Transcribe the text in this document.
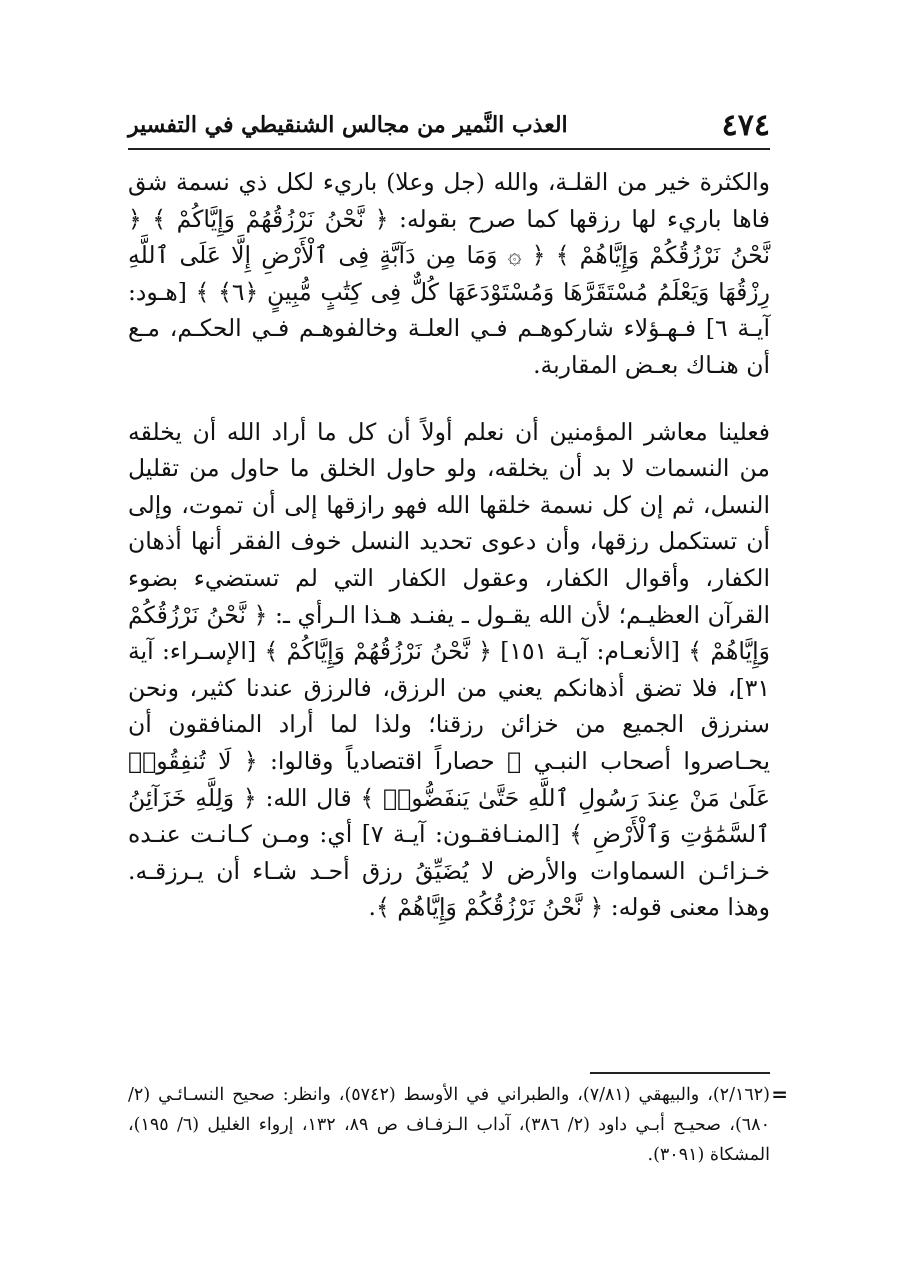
٤٧٤
العذب النَّمير من مجالس الشنقيطي في التفسير

والكثرة خير من القلـة، والله (جل وعلا) باريء لكل ذي نسمة شق فاها باريء لها رزقها كما صرح بقوله: ﴿ نَّحْنُ نَرْزُقُهُمْ وَإِيَّاكُمْ ﴾ ﴿ نَّحْنُ نَرْزُقُكُمْ وَإِيَّاهُمْ ﴾ ﴿ ۞ وَمَا مِن دَآبَّةٍ فِى ٱلْأَرْضِ إِلَّا عَلَى ٱللَّهِ رِزْقُهَا وَيَعْلَمُ مُسْتَقَرَّهَا وَمُسْتَوْدَعَهَا كُلٌّ فِى كِتَٰبٍ مُّبِينٍ ﴿٦﴾ ﴾ [هـود: آيـة ٦] فـهـؤلاء شاركوهـم فـي العلـة وخالفوهـم فـي الحكـم، مـع أن هنـاك بعـض المقاربة.

فعلينا معاشر المؤمنين أن نعلم أولاً أن كل ما أراد الله أن يخلقه من النسمات لا بد أن يخلقه، ولو حاول الخلق ما حاول من تقليل النسل، ثم إن كل نسمة خلقها الله فهو رازقها إلى أن تموت، وإلى أن تستكمل رزقها، وأن دعوى تحديد النسل خوف الفقر أنها أذهان الكفار، وأقوال الكفار، وعقول الكفار التي لم تستضيء بضوء القرآن العظيـم؛ لأن الله يقـول ـ يفنـد هـذا الـرأي ـ: ﴿ نَّحْنُ نَرْزُقُكُمْ وَإِيَّاهُمْ ﴾ [الأنعـام: آيـة ١٥١] ﴿ نَّحْنُ نَرْزُقُهُمْ وَإِيَّاكُمْ ﴾ [الإسـراء: آية ٣١]، فلا تضق أذهانكم يعني من الرزق، فالرزق عندنا كثير، ونحن سنرزق الجميع من خزائن رزقنا؛ ولذا لما أراد المنافقون أن يحـاصروا أصحاب النبـي ﷺ حصاراً اقتصادياً وقالوا: ﴿ لَا تُنفِقُوا۟ عَلَىٰ مَنْ عِندَ رَسُولِ ٱللَّهِ حَتَّىٰ يَنفَضُّوا۟ ﴾ قال الله: ﴿ وَلِلَّهِ خَزَآئِنُ ٱلسَّمَٰوَٰتِ وَٱلْأَرْضِ ﴾ [المنـافقـون: آيـة ٧] أي: ومـن كـانـت عنـده خـزائـن السماوات والأرض لا يُضَيِّقُ رزق أحـد شـاء أن يـرزقـه. وهذا معنى قوله: ﴿ نَّحْنُ نَرْزُقُكُمْ وَإِيَّاهُمْ ﴾.

=
(٢/١٦٢)، والبيهقي (٧/٨١)، والطبراني في الأوسط (٥٧٤٢)، وانظر: صحيح النسـائـي (٢/ ٦٨٠)، صحيـح أبـي داود (٢/ ٣٨٦)، آداب الـزفـاف ص ٨٩، ١٣٢، إرواء الغليل (٦/ ١٩٥)، المشكاة (٣٠٩١).
